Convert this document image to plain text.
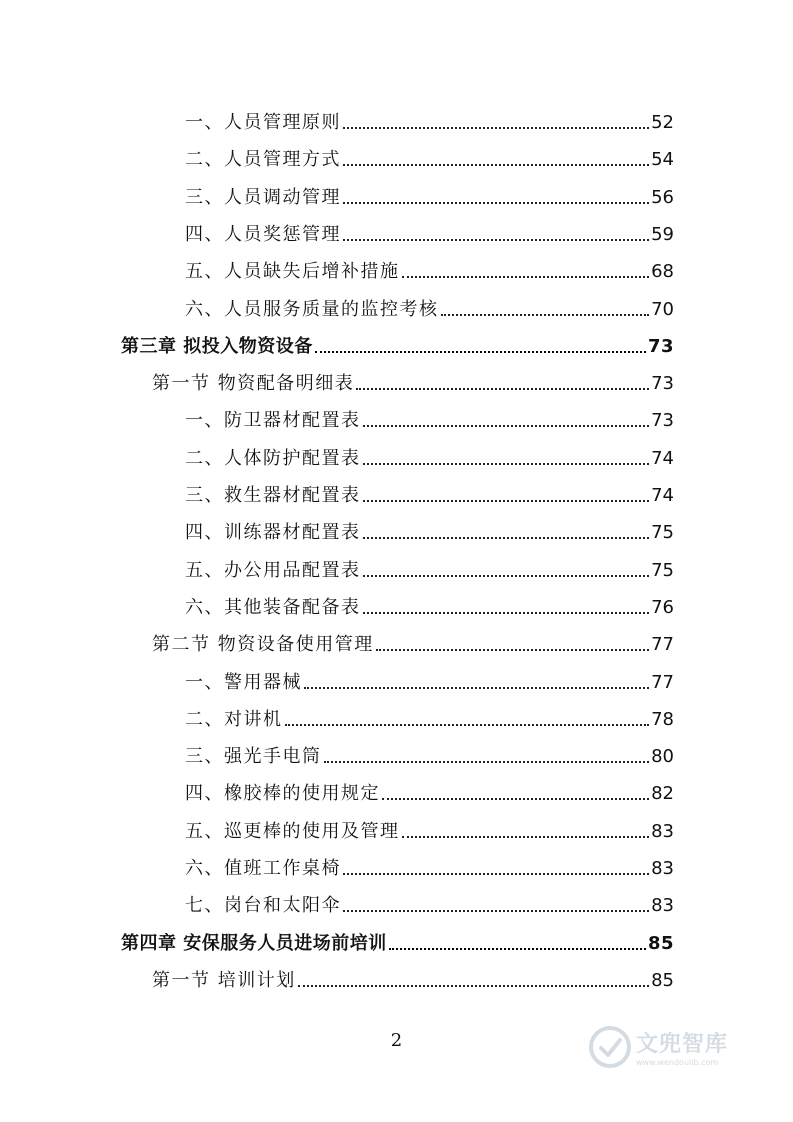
一、人员管理原则	52
二、人员管理方式	54
三、人员调动管理	56
四、人员奖惩管理	59
五、人员缺失后增补措施	68
六、人员服务质量的监控考核	70
第三章 拟投入物资设备	73
第一节 物资配备明细表	73
一、防卫器材配置表	73
二、人体防护配置表	74
三、救生器材配置表	74
四、训练器材配置表	75
五、办公用品配置表	75
六、其他装备配备表	76
第二节 物资设备使用管理	77
一、警用器械	77
二、对讲机	78
三、强光手电筒	80
四、橡胶棒的使用规定	82
五、巡更棒的使用及管理	83
六、值班工作桌椅	83
七、岗台和太阳伞	83
第四章 安保服务人员进场前培训	85
第一节 培训计划	85
2	文兜智库
www.wendoulib.com
